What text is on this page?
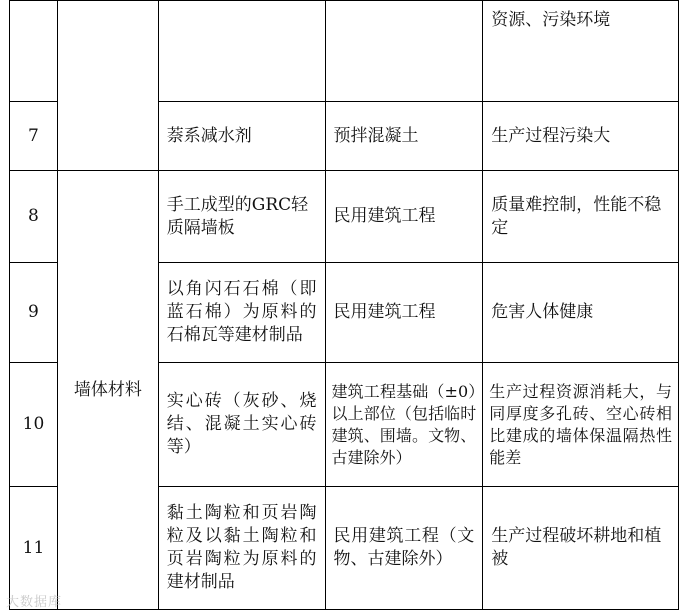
				资源、污染环境
7		萘系减水剂	预拌混凝土	生产过程污染大
8	墙体材料	手工成型的GRC轻质隔墙板	民用建筑工程	质量难控制，性能不稳定
9		以角闪石石棉（即蓝石棉）为原料的石棉瓦等建材制品	民用建筑工程	危害人体健康
10		实心砖（灰砂、烧结、混凝土实心砖等）	建筑工程基础（±0）以上部位（包括临时建筑、围墙。文物、古建除外）	生产过程资源消耗大，与同厚度多孔砖、空心砖相比建成的墙体保温隔热性能差
11		黏土陶粒和页岩陶粒及以黏土陶粒和页岩陶粒为原料的建材制品	民用建筑工程（文物、古建除外）	生产过程破坏耕地和植被
大数据库
